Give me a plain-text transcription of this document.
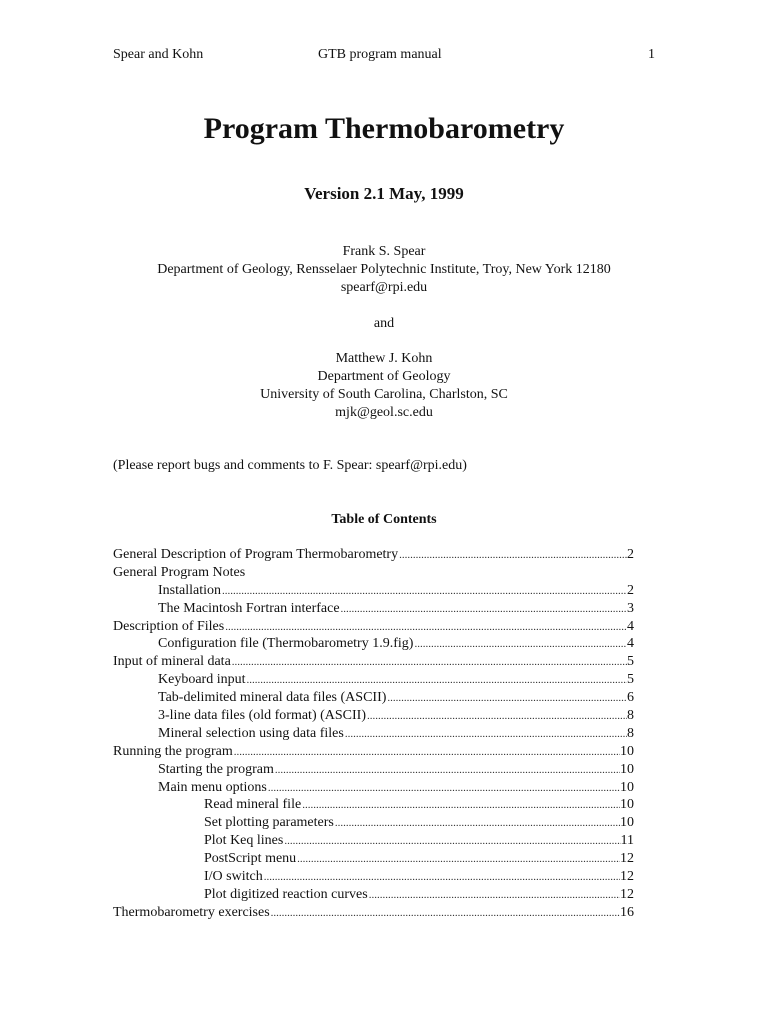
Spear and Kohn	GTB program manual	1
Program Thermobarometry
Version 2.1 May, 1999
Frank S. Spear
Department of Geology, Rensselaer Polytechnic Institute, Troy, New York 12180
spearf@rpi.edu
and
Matthew J. Kohn
Department of Geology
University of South Carolina, Charlston, SC
mjk@geol.sc.edu
(Please report bugs and comments to F. Spear: spearf@rpi.edu)
Table of Contents
General Description of Program Thermobarometry .....	2
General Program Notes
Installation .....	2
The Macintosh Fortran interface .....	3
Description of Files .....	4
Configuration file (Thermobarometry 1.9.fig) .....	4
Input of mineral data .....	5
Keyboard input .....	5
Tab-delimited mineral data files (ASCII) .....	6
3-line data files (old format) (ASCII) .....	8
Mineral selection using data files .....	8
Running the program .....	10
Starting the program .....	10
Main menu options .....	10
Read mineral file .....	10
Set plotting parameters .....	10
Plot Keq lines .....	11
PostScript menu .....	12
I/O switch .....	12
Plot digitized reaction curves .....	12
Thermobarometry exercises .....	16
